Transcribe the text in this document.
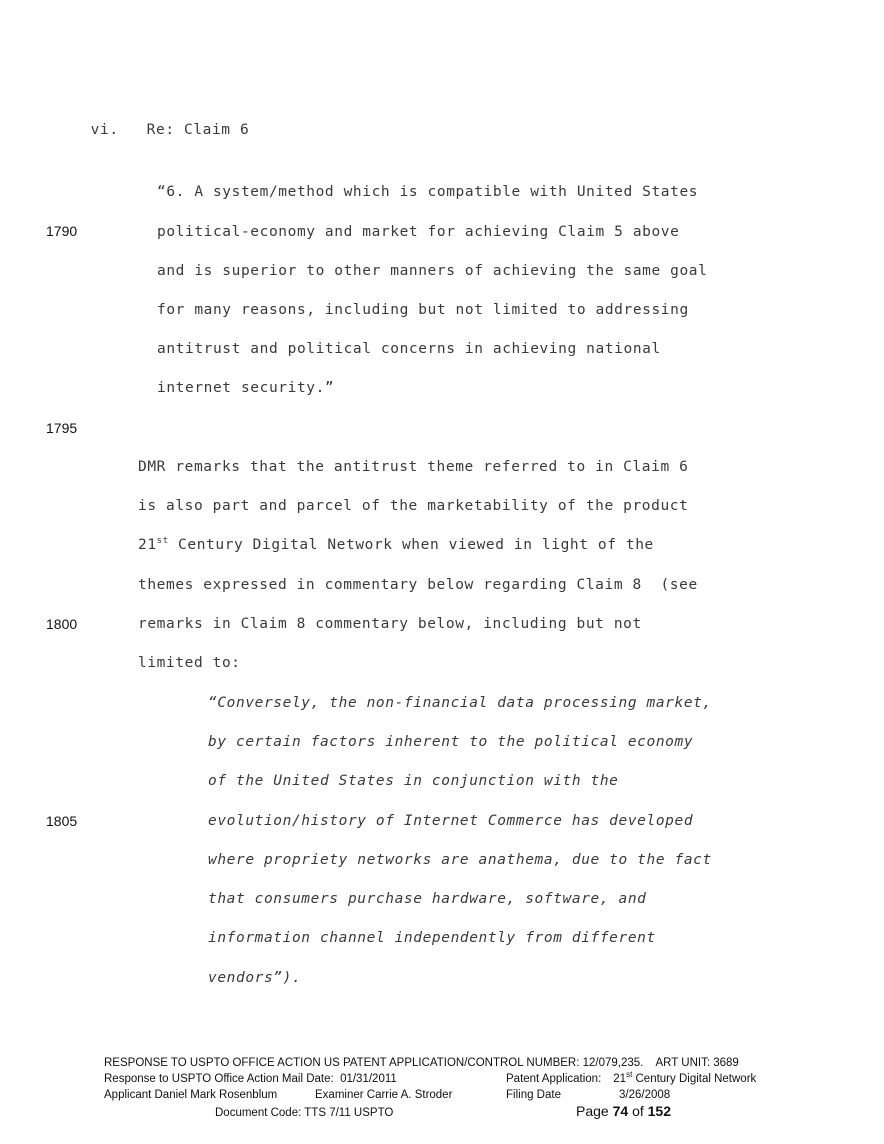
vi. Re: Claim 6

“6. A system/method which is compatible with United States
political-economy and market for achieving Claim 5 above
and is superior to other manners of achieving the same goal
for many reasons, including but not limited to addressing
antitrust and political concerns in achieving national
internet security.”
1790
1795
1800
1805
DMR remarks that the antitrust theme referred to in Claim 6
is also part and parcel of the marketability of the product
21st Century Digital Network when viewed in light of the
themes expressed in commentary below regarding Claim 8  (see
remarks in Claim 8 commentary below, including but not
limited to:
“Conversely, the non-financial data processing market,
by certain factors inherent to the political economy
of the United States in conjunction with the
evolution/history of Internet Commerce has developed
where propriety networks are anathema, due to the fact
that consumers purchase hardware, software, and
information channel independently from different
vendors”).
RESPONSE TO USPTO OFFICE ACTION US PATENT APPLICATION/CONTROL NUMBER: 12/079,235.    ART UNIT: 3689
Response to USPTO Office Action Mail Date:  01/31/2011	Patent Application: 21st Century Digital Network
Applicant Daniel Mark Rosenblum	Examiner Carrie A. Stroder	Filing Date	3/26/2008
Document Code: TTS 7/11 USPTO	Page 74 of 152
